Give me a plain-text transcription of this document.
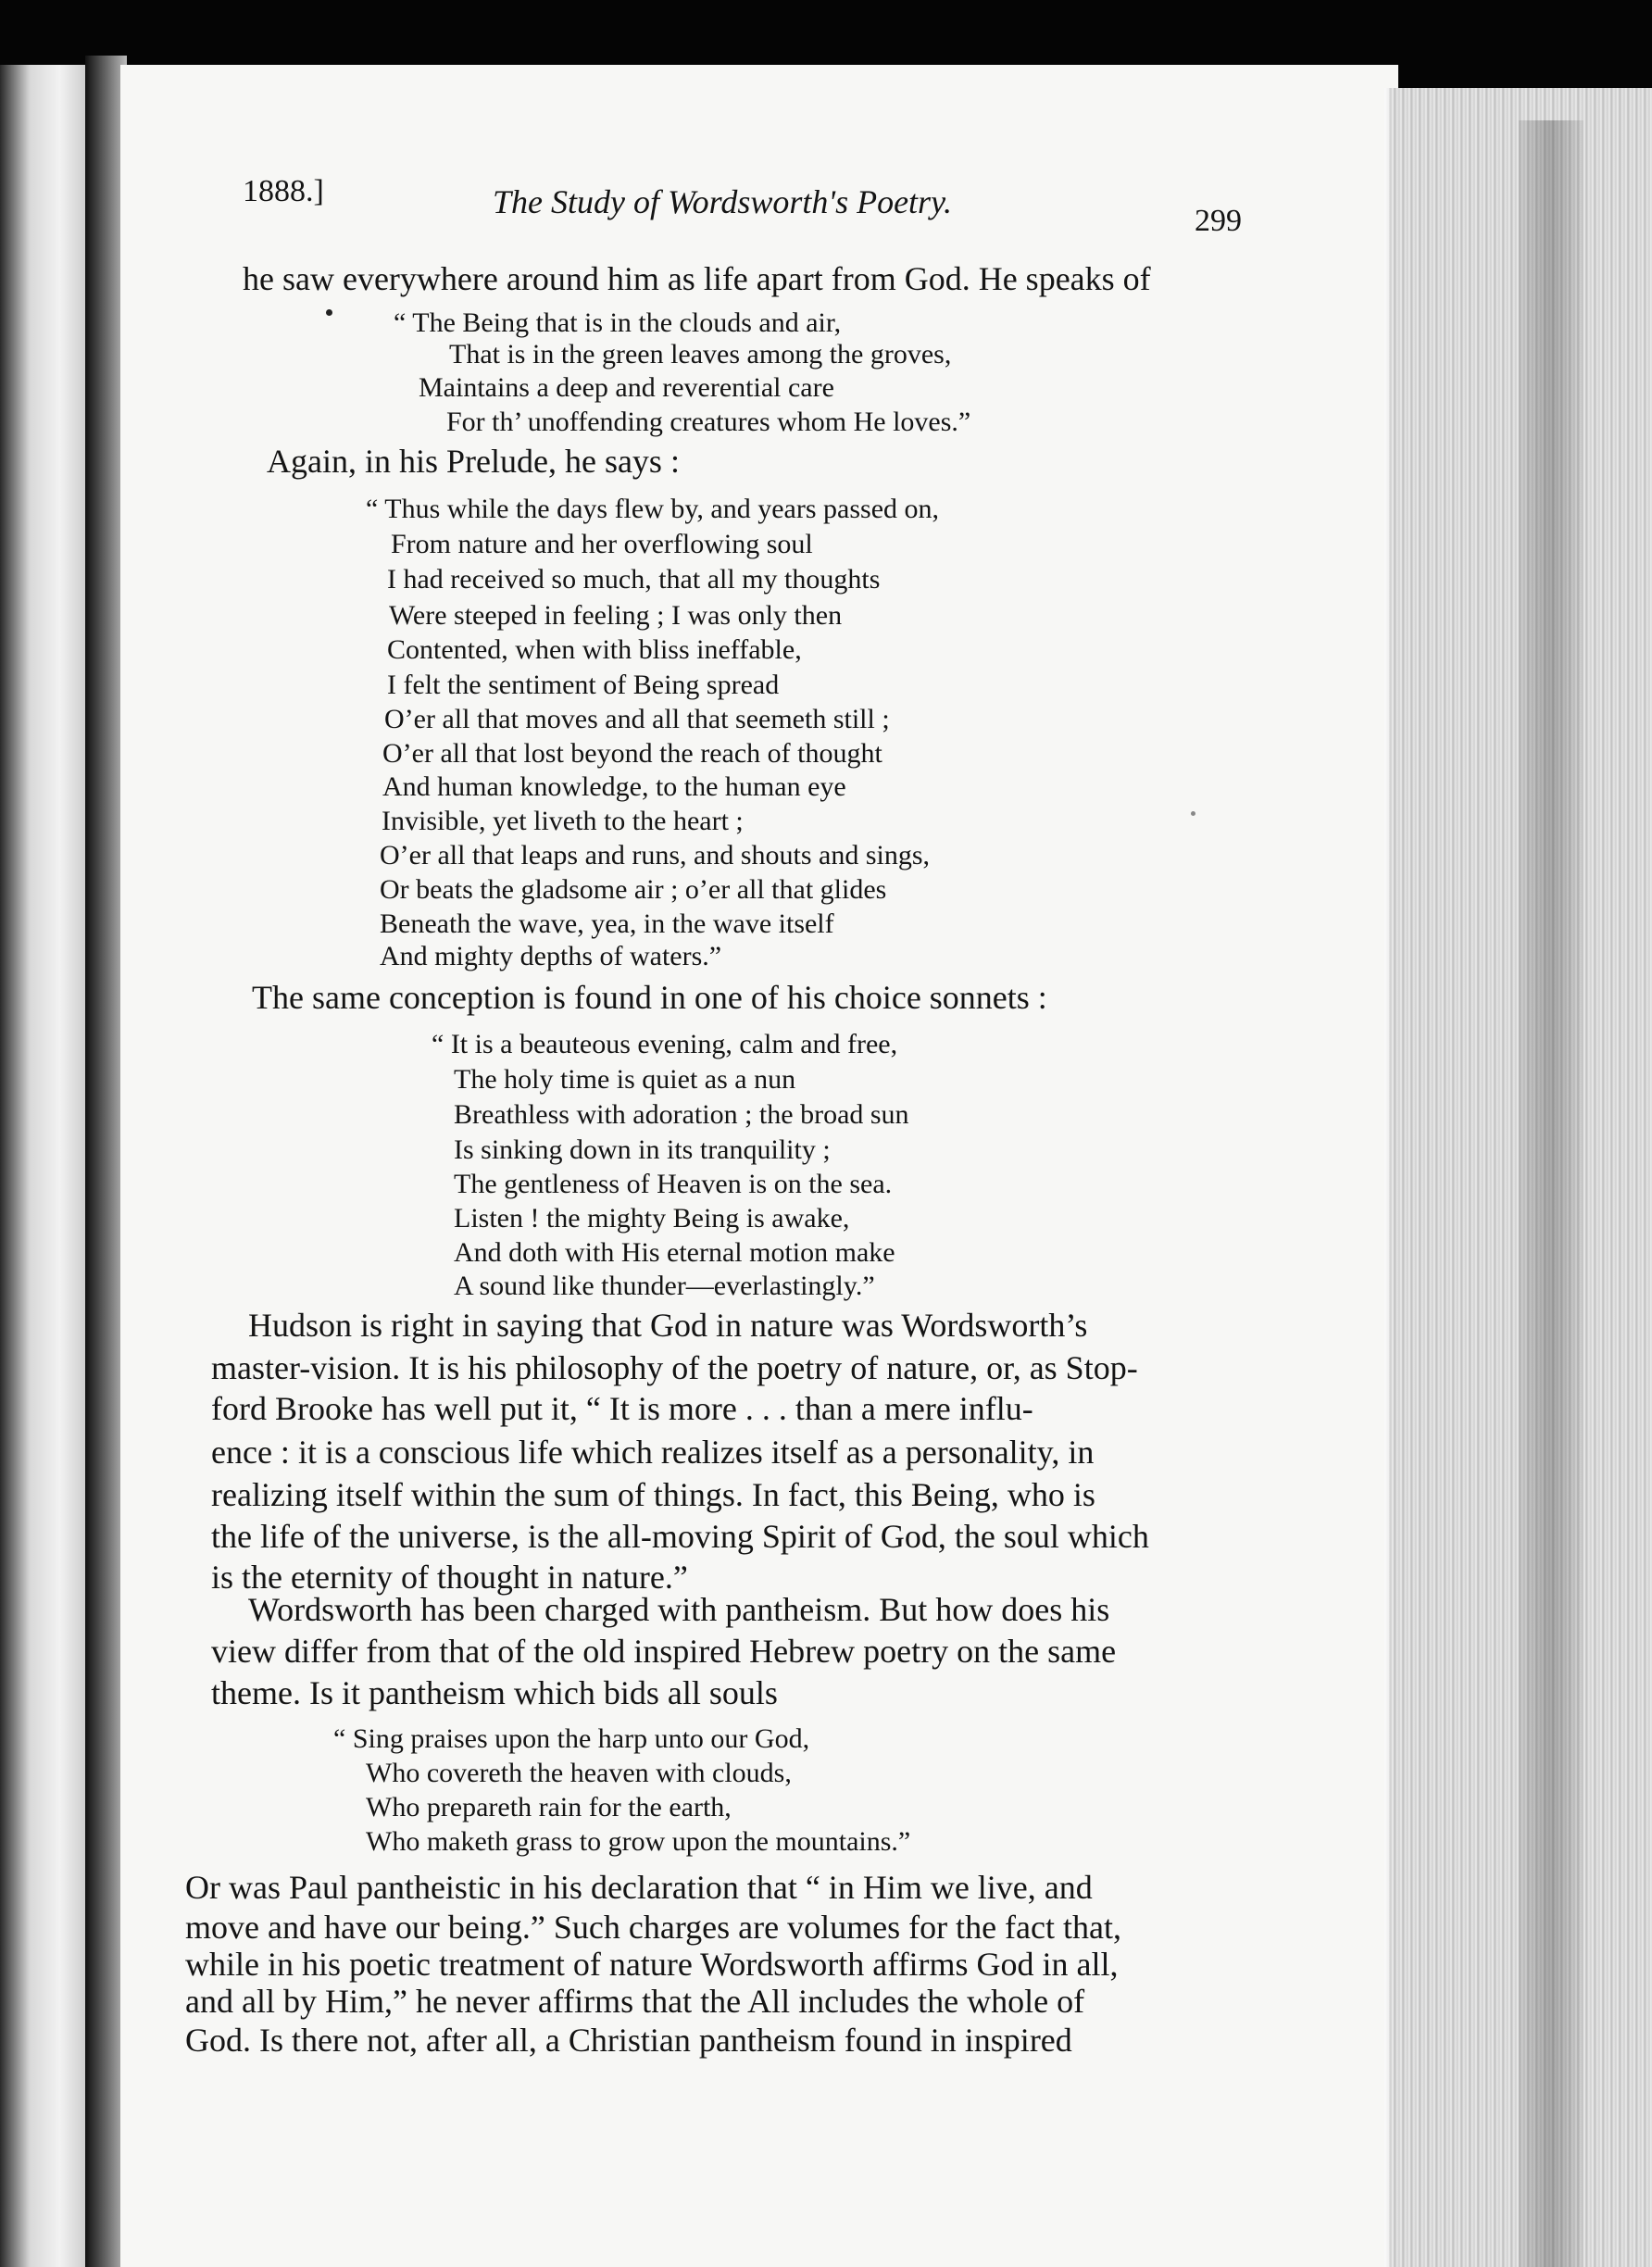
1888.]	The Study of Wordsworth's Poetry.
299
he saw everywhere around him as life apart from God. He speaks of
“ The Being that is in the clouds and air,
That is in the green leaves among the groves,
Maintains a deep and reverential care
For th’ unoffending creatures whom He loves.”
Again, in his Prelude, he says :
“ Thus while the days flew by, and years passed on,
From nature and her overflowing soul
I had received so much, that all my thoughts
Were steeped in feeling ; I was only then
Contented, when with bliss ineffable,
I felt the sentiment of Being spread
O’er all that moves and all that seemeth still ;
O’er all that lost beyond the reach of thought
And human knowledge, to the human eye
Invisible, yet liveth to the heart ;
O’er all that leaps and runs, and shouts and sings,
Or beats the gladsome air ; o’er all that glides
Beneath the wave, yea, in the wave itself
And mighty depths of waters.”
The same conception is found in one of his choice sonnets :
“ It is a beauteous evening, calm and free,
The holy time is quiet as a nun
Breathless with adoration ; the broad sun
Is sinking down in its tranquility ;
The gentleness of Heaven is on the sea.
Listen ! the mighty Being is awake,
And doth with His eternal motion make
A sound like thunder—everlastingly.”
Hudson is right in saying that God in nature was Wordsworth’s
master-vision. It is his philosophy of the poetry of nature, or, as Stop-
ford Brooke has well put it, “ It is more . . . than a mere influ-
ence : it is a conscious life which realizes itself as a personality, in
realizing itself within the sum of things. In fact, this Being, who is
the life of the universe, is the all-moving Spirit of God, the soul which
is the eternity of thought in nature.”
Wordsworth has been charged with pantheism. But how does his
view differ from that of the old inspired Hebrew poetry on the same
theme. Is it pantheism which bids all souls
“ Sing praises upon the harp unto our God,
Who covereth the heaven with clouds,
Who prepareth rain for the earth,
Who maketh grass to grow upon the mountains.”
Or was Paul pantheistic in his declaration that “ in Him we live, and
move and have our being.” Such charges are volumes for the fact that,
while in his poetic treatment of nature Wordsworth affirms God in all,
and all by Him,” he never affirms that the All includes the whole of
God. Is there not, after all, a Christian pantheism found in inspired
